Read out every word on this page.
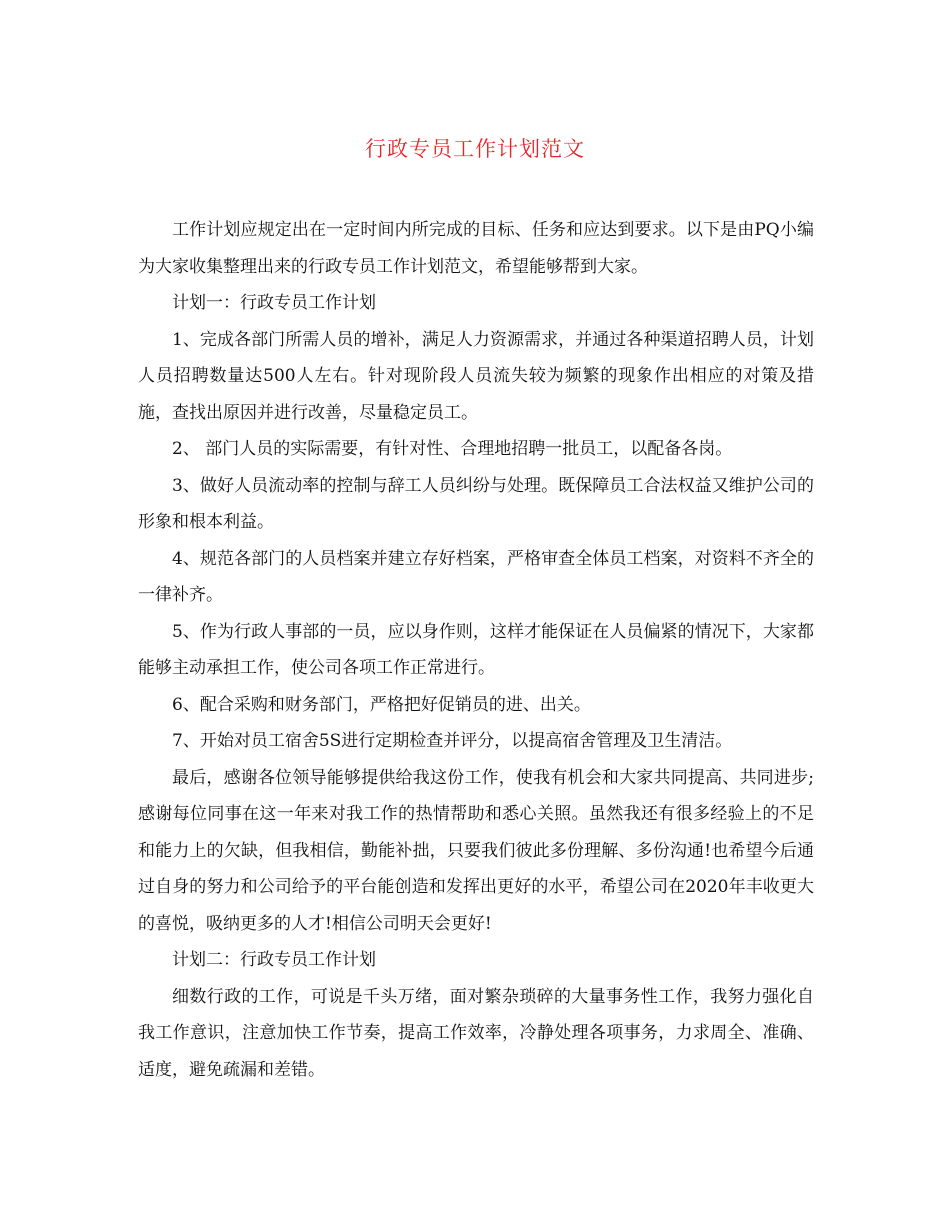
行政专员工作计划范文

工作计划应规定出在一定时间内所完成的目标、任务和应达到要求。以下是由PQ小编为大家收集整理出来的行政专员工作计划范文，希望能够帮到大家。

计划一：行政专员工作计划

1、完成各部门所需人员的增补，满足人力资源需求，并通过各种渠道招聘人员，计划人员招聘数量达500人左右。针对现阶段人员流失较为频繁的现象作出相应的对策及措施，查找出原因并进行改善，尽量稳定员工。

2、 部门人员的实际需要，有针对性、合理地招聘一批员工，以配备各岗。

3、做好人员流动率的控制与辞工人员纠纷与处理。既保障员工合法权益又维护公司的形象和根本利益。

4、规范各部门的人员档案并建立存好档案，严格审查全体员工档案，对资料不齐全的一律补齐。

5、作为行政人事部的一员，应以身作则，这样才能保证在人员偏紧的情况下，大家都能够主动承担工作，使公司各项工作正常进行。

6、配合采购和财务部门，严格把好促销员的进、出关。

7、开始对员工宿舍5S进行定期检查并评分，以提高宿舍管理及卫生清洁。

最后，感谢各位领导能够提供给我这份工作，使我有机会和大家共同提高、共同进步;感谢每位同事在这一年来对我工作的热情帮助和悉心关照。虽然我还有很多经验上的不足和能力上的欠缺，但我相信，勤能补拙，只要我们彼此多份理解、多份沟通!也希望今后通过自身的努力和公司给予的平台能创造和发挥出更好的水平，希望公司在2020年丰收更大的喜悦，吸纳更多的人才!相信公司明天会更好!

计划二：行政专员工作计划

细数行政的工作，可说是千头万绪，面对繁杂琐碎的大量事务性工作，我努力强化自我工作意识，注意加快工作节奏，提高工作效率，冷静处理各项事务，力求周全、准确、适度，避免疏漏和差错。
